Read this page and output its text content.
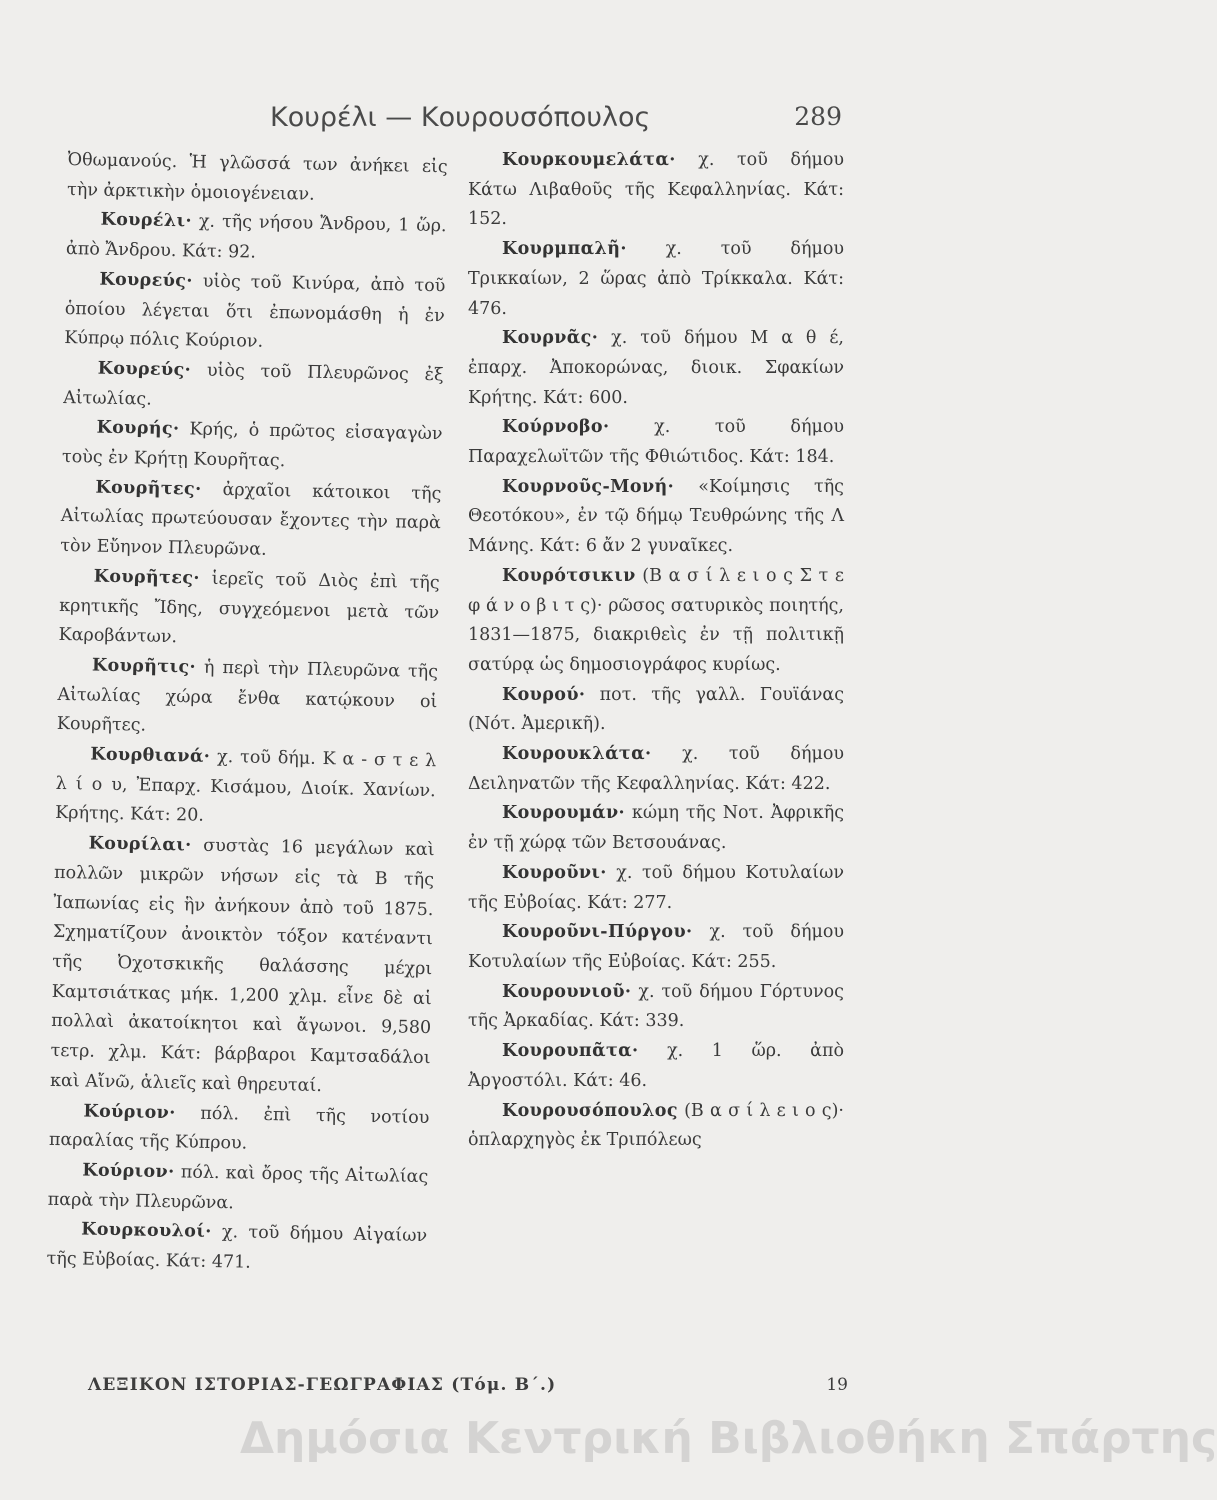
Κουρέλι — Κουρουσόπουλος	289

Ὀθωμανούς. Ἡ γλῶσσά των ἀνήκει εἰς τὴν ἀρκτικὴν ὁμοιογένειαν.

Κουρέλι· χ. τῆς νήσου Ἄνδρου, 1 ὥρ. ἀπὸ Ἄνδρου. Κάτ: 92.

Κουρεύς· υἱὸς τοῦ Κινύρα, ἀπὸ τοῦ ὁποίου λέγεται ὅτι ἐπωνομάσθη ἡ ἐν Κύπρῳ πόλις Κούριον.

Κουρεύς· υἱὸς τοῦ Πλευρῶνος ἐξ Αἰτωλίας.

Κουρής· Κρής, ὁ πρῶτος εἰσαγαγὼν τοὺς ἐν Κρήτῃ Κουρῆτας.

Κουρῆτες· ἀρχαῖοι κάτοικοι τῆς Αἰτωλίας πρωτεύουσαν ἔχοντες τὴν παρὰ τὸν Εὔηνον Πλευρῶνα.

Κουρῆτες· ἱερεῖς τοῦ Διὸς ἐπὶ τῆς κρητικῆς Ἴδης, συγχεόμενοι μετὰ τῶν Καροβάντων.

Κουρῆτις· ἡ περὶ τὴν Πλευρῶνα τῆς Αἰτωλίας χώρα ἔνθα κατῴκουν οἱ Κουρῆτες.

Κουρθιανά· χ. τοῦ δήμ. Κ α - σ τ ε λ λ ί ο υ, Ἐπαρχ. Κισάμου, Διοίκ. Χανίων. Κρήτης. Κάτ: 20.

Κουρίλαι· συστὰς 16 μεγάλων καὶ πολλῶν μικρῶν νήσων εἰς τὰ Β τῆς Ἰαπωνίας εἰς ἣν ἀνήκουν ἀπὸ τοῦ 1875. Σχηματίζουν ἀνοικτὸν τόξον κατέναντι τῆς Ὀχοτσκικῆς θαλάσσης μέχρι Καμτσιάτκας μήκ. 1,200 χλμ. εἶνε δὲ αἱ πολλαὶ ἀκατοίκητοι καὶ ἄγωνοι. 9,580 τετρ. χλμ. Κάτ: βάρβαροι Καμτσαδάλοι καὶ Αἴνῶ, ἁλιεῖς καὶ θηρευταί.

Κούριον· πόλ. ἐπὶ τῆς νοτίου παραλίας τῆς Κύπρου.

Κούριον· πόλ. καὶ ὄρος τῆς Αἰτωλίας παρὰ τὴν Πλευρῶνα.

Κουρκουλοί· χ. τοῦ δήμου Αἰγαίων τῆς Εὐβοίας. Κάτ: 471.

Κουρκουμελάτα· χ. τοῦ δήμου Κάτω Λιβαθοῦς τῆς Κεφαλληνίας. Κάτ: 152.

Κουρμπαλῆ· χ. τοῦ δήμου Τρικκαίων, 2 ὥρας ἀπὸ Τρίκκαλα. Κάτ: 476.

Κουρνᾶς· χ. τοῦ δήμου Μ α θ έ, ἐπαρχ. Ἀποκορώνας, διοικ. Σφακίων Κρήτης. Κάτ: 600.

Κούρνοβο·	χ. τοῦ δήμου Παραχελωϊτῶν τῆς Φθιώτιδος. Κάτ: 184.

Κουρνοῦς-Μονή· «Κοίμησις τῆς Θεοτόκου», ἐν τῷ δήμῳ Τευθρώνης τῆς Λ Μάνης. Κάτ: 6 ἄν 2 γυναῖκες.

Κουρότσικιν (Β α σ ί λ ε ι ο ς Σ τ ε φ ά ν ο β ι τ ς)· ρῶσος σατυρικὸς ποιητής, 1831—1875, διακριθεὶς ἐν τῇ πολιτικῇ σατύρᾳ ὡς δημοσιογράφος κυρίως.

Κουρού· ποτ. τῆς γαλλ. Γουϊάνας (Νότ. Ἀμερικῆ).

Κουρουκλάτα· χ. τοῦ δήμου Δειληνατῶν τῆς Κεφαλληνίας. Κάτ: 422.

Κουρουμάν· κώμη τῆς Νοτ. Ἀφρικῆς ἐν τῇ χώρᾳ τῶν Βετσουάνας.

Κουροῦνι· χ. τοῦ δήμου Κοτυλαίων τῆς Εὐβοίας. Κάτ: 277.

Κουροῦνι-Πύργου· χ. τοῦ δήμου Κοτυλαίων τῆς Εὐβοίας. Κάτ: 255.

Κουρουνιοῦ· χ. τοῦ δήμου Γόρτυνος τῆς Ἀρκαδίας. Κάτ: 339.

Κουρουπᾶτα· χ. 1 ὥρ. ἀπὸ Ἀργοστόλι. Κάτ: 46.

Κουρουσόπουλος (Β α σ ί λ ε ι ο ς)· ὁπλαρχηγὸς ἐκ Τριπόλεως

ΛΕΞΙΚΟΝ ΙΣΤΟΡΙΑΣ-ΓΕΩΓΡΑΦΙΑΣ (Τόμ. Β΄.)	19
Δημόσια Κεντρική Βιβλιοθήκη Σπάρτης
